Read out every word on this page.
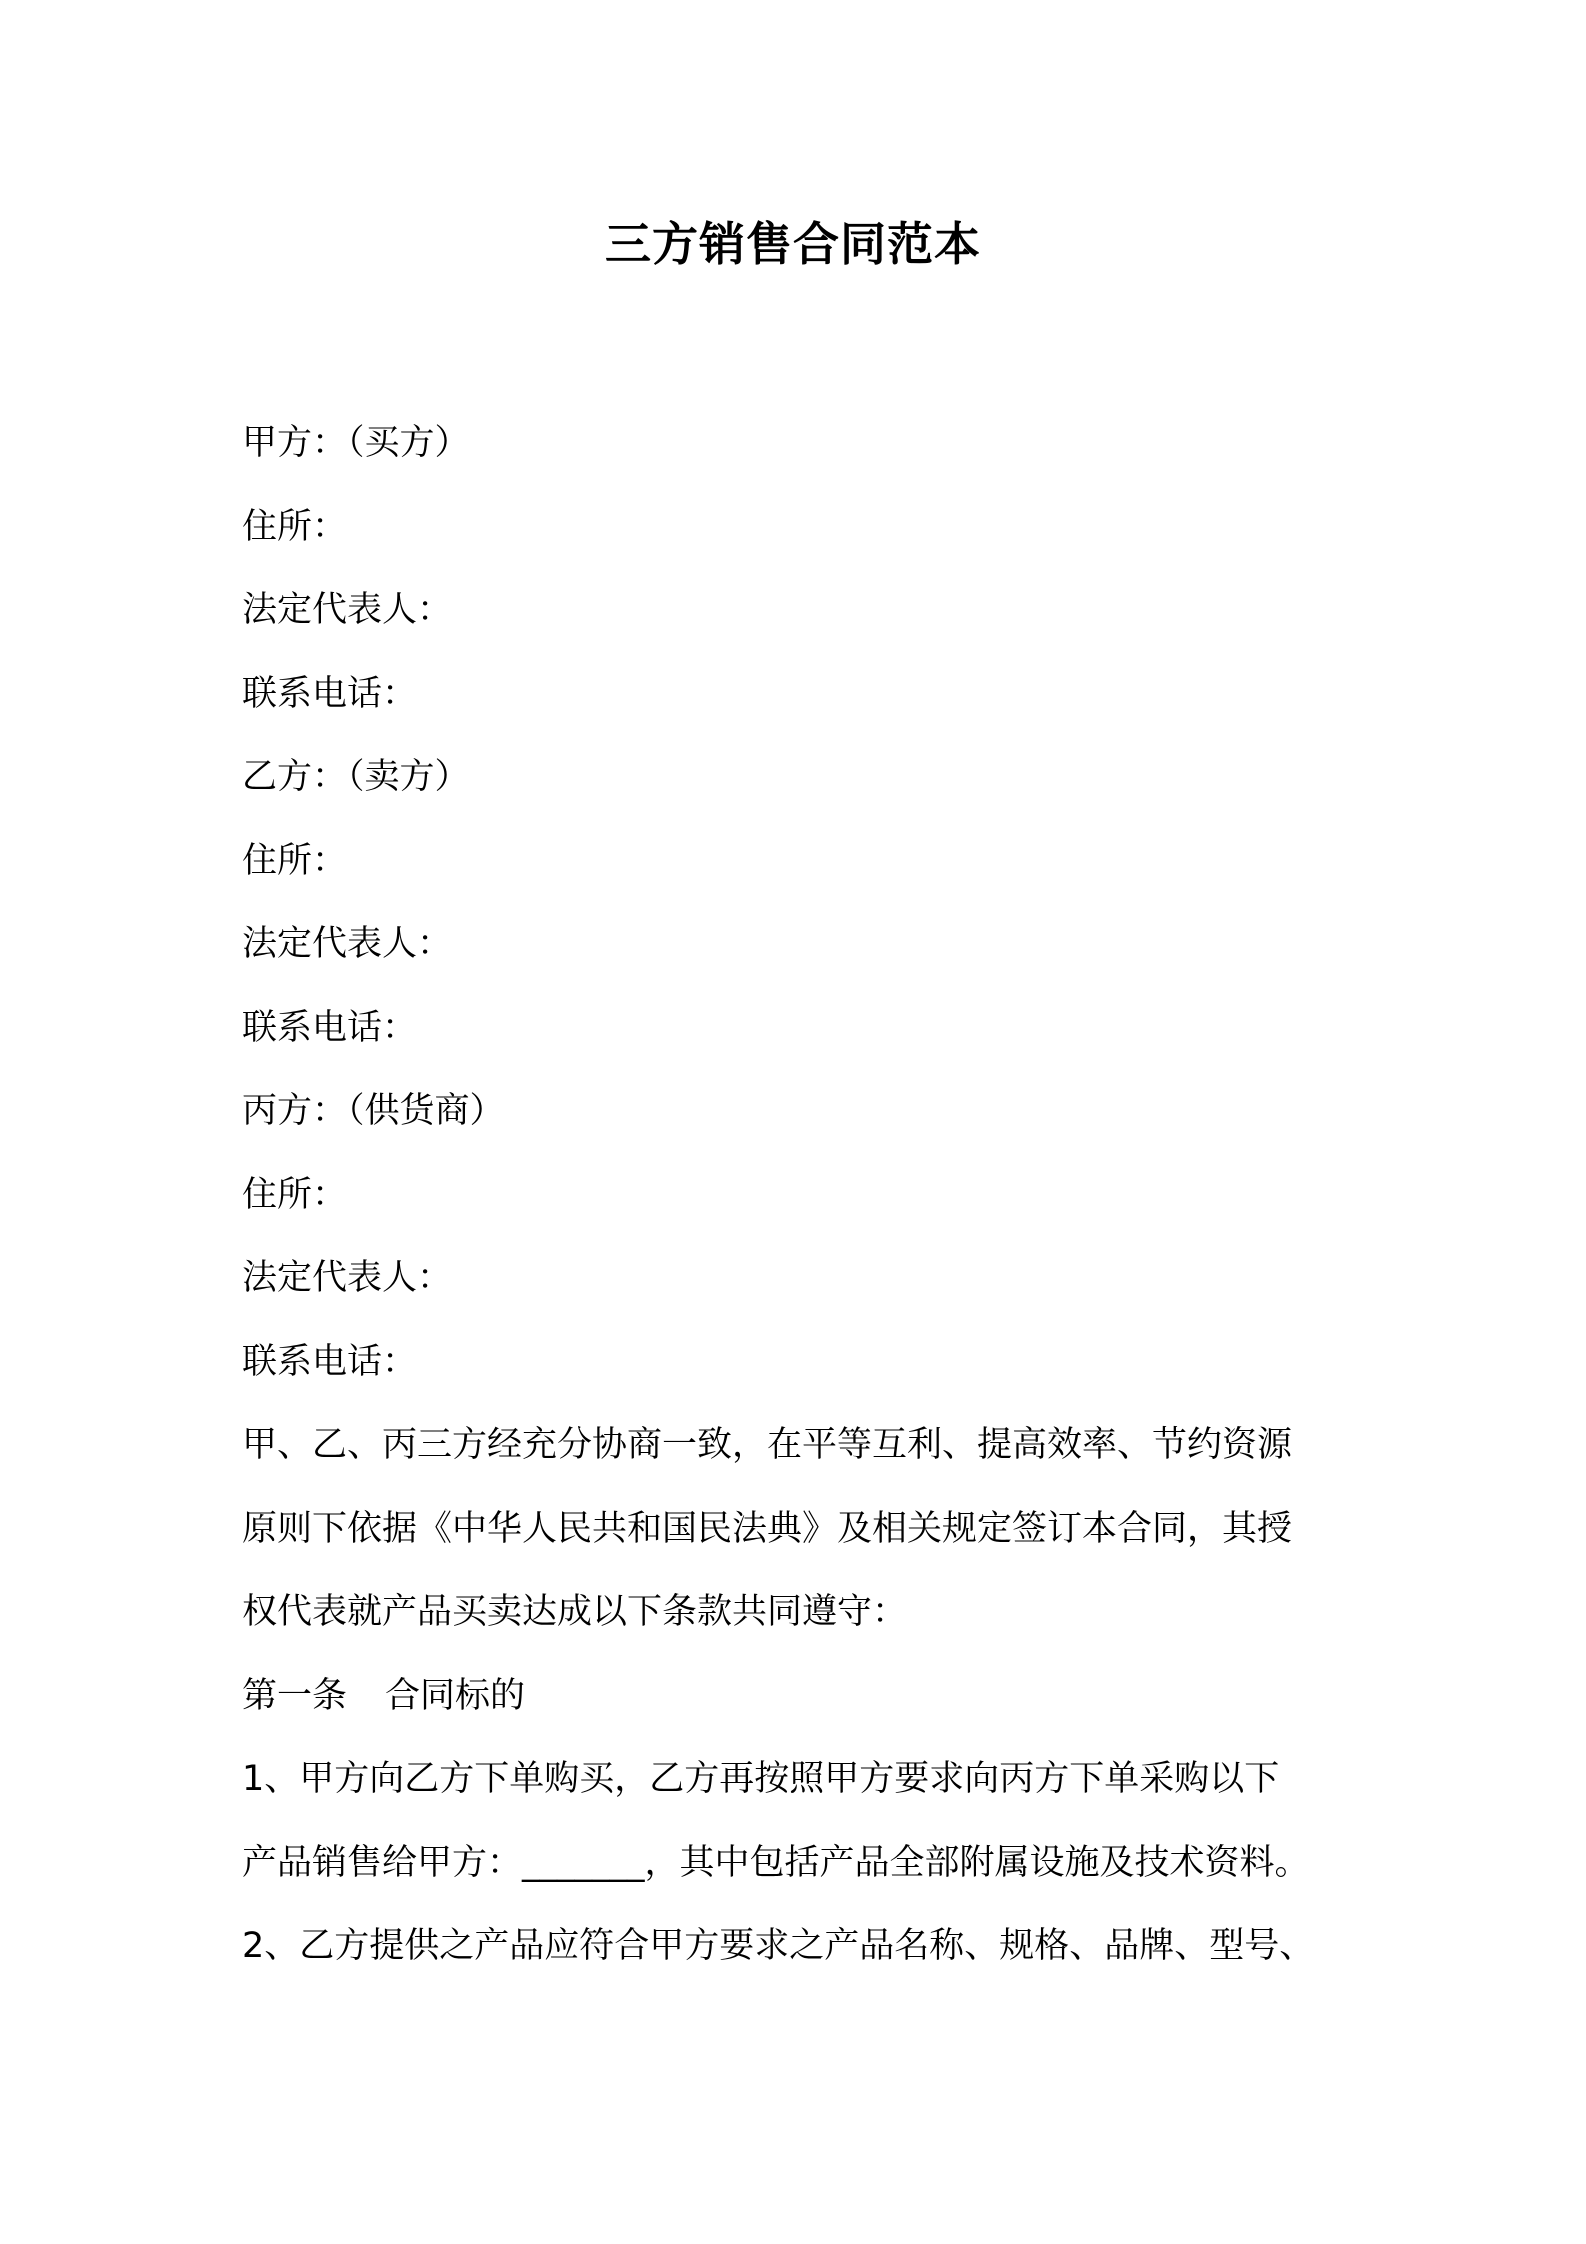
三方销售合同范本
甲方：（买方）
住所：
法定代表人：
联系电话：
乙方：（卖方）
住所：
法定代表人：
联系电话：
丙方：（供货商）
住所：
法定代表人：
联系电话：
甲、乙、丙三方经充分协商一致，在平等互利、提高效率、节约资源
原则下依据《中华人民共和国民法典》及相关规定签订本合同，其授
权代表就产品买卖达成以下条款共同遵守：
第一条 合同标的
1、甲方向乙方下单购买，乙方再按照甲方要求向丙方下单采购以下
产品销售给甲方：_______，其中包括产品全部附属设施及技术资料。
2、乙方提供之产品应符合甲方要求之产品名称、规格、品牌、型号、
